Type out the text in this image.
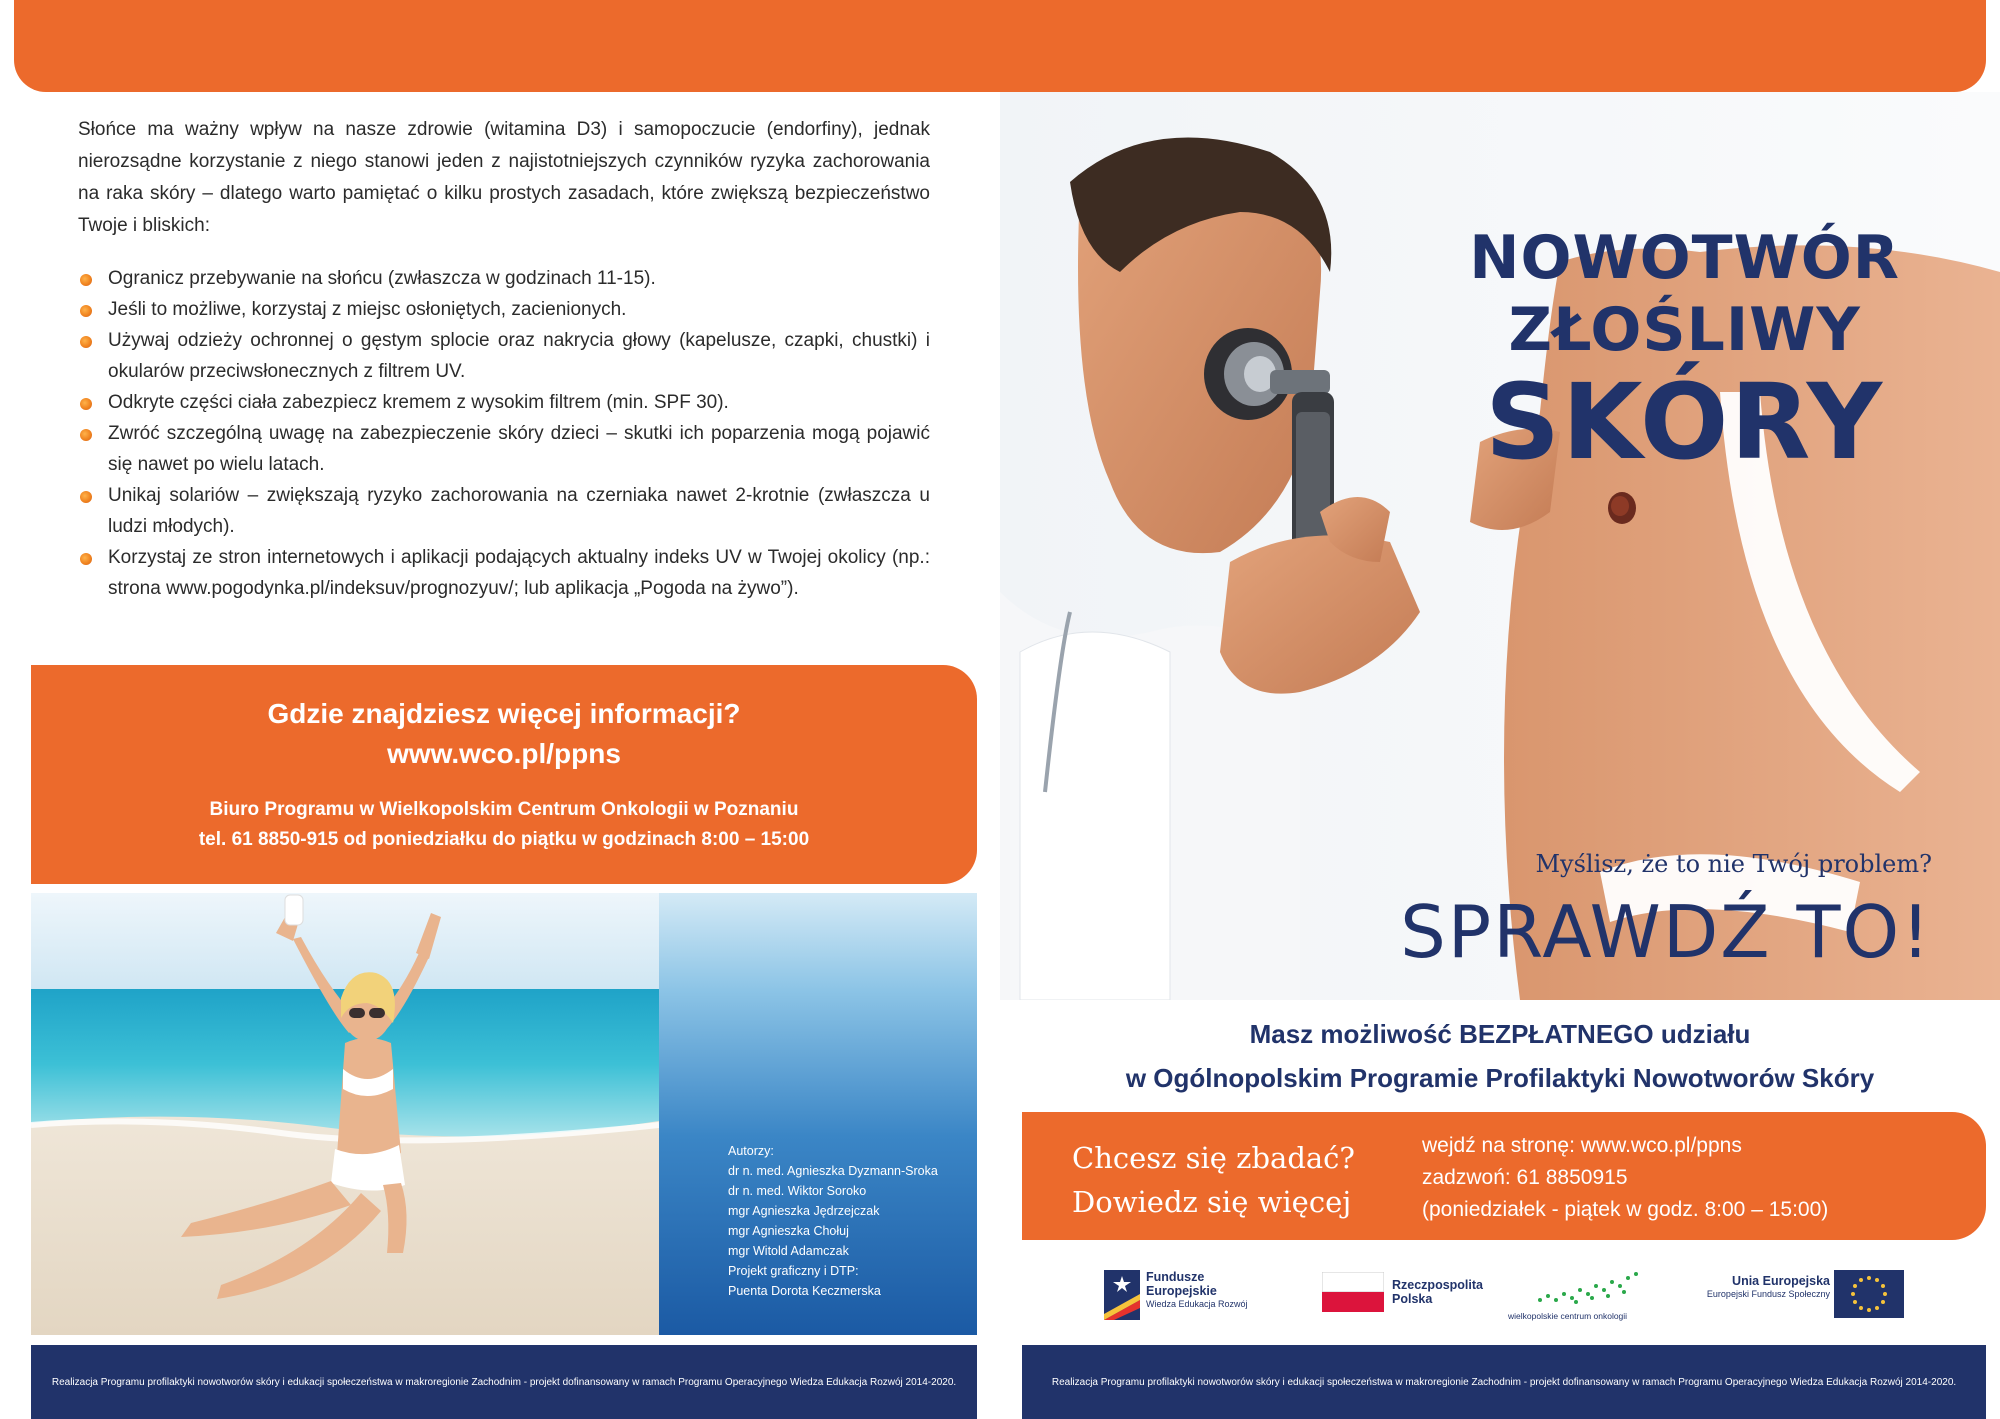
Słońce ma ważny wpływ na nasze zdrowie (witamina D3) i samopoczucie (endorfiny), jednak nierozsądne korzystanie z niego stanowi jeden z najistotniejszych czynników ryzyka zachorowania na raka skóry – dlatego warto pamiętać o kilku prostych zasadach, które zwiększą bezpieczeństwo Twoje i bliskich:

Ogranicz przebywanie na słońcu (zwłaszcza w godzinach 11-15).
Jeśli to możliwe, korzystaj z miejsc osłoniętych, zacienionych.
Używaj odzieży ochronnej o gęstym splocie oraz nakrycia głowy (kapelusze, czapki, chustki) i okularów przeciwsłonecznych z filtrem UV.
Odkryte części ciała zabezpiecz kremem z wysokim filtrem (min. SPF 30).
Zwróć szczególną uwagę na zabezpieczenie skóry dzieci – skutki ich poparzenia mogą pojawić się nawet po wielu latach.
Unikaj solariów – zwiększają ryzyko zachorowania na czerniaka nawet 2-krotnie (zwłaszcza u ludzi młodych).
Korzystaj ze stron internetowych i aplikacji podających aktualny indeks UV w Twojej okolicy (np.: strona www.pogodynka.pl/indeksuv/prognozyuv/; lub aplikacja „Pogoda na żywo”).
Gdzie znajdziesz więcej informacji?
www.wco.pl/ppns
Biuro Programu w Wielkopolskim Centrum Onkologii w Poznaniu
tel. 61 8850-915 od poniedziałku do piątku w godzinach 8:00 – 15:00
Autorzy:
dr n. med. Agnieszka Dyzmann-Sroka
dr n. med. Wiktor Soroko
mgr Agnieszka Jędrzejczak
mgr Agnieszka Chołuj
mgr Witold Adamczak
Projekt graficzny i DTP:
Puenta Dorota Keczmerska
Realizacja Programu profilaktyki nowotworów skóry i edukacji społeczeństwa w makroregionie Zachodnim - projekt dofinansowany w ramach Programu Operacyjnego Wiedza Edukacja Rozwój 2014-2020.
NOWOTWÓR
ZŁOŚLIWY
SKÓRY
Myślisz, że to nie Twój problem?
SPRAWDŹ TO!
Masz możliwość BEZPŁATNEGO udziału
w Ogólnopolskim Programie Profilaktyki Nowotworów Skóry
Chcesz się zbadać?
Dowiedz się więcej
wejdź na stronę: www.wco.pl/ppns
zadzwoń: 61 8850915
(poniedziałek - piątek w godz. 8:00 – 15:00)
Fundusze
Europejskie
Wiedza Edukacja Rozwój
Rzeczpospolita
Polska
wielkopolskie centrum onkologii
Unia Europejska
Europejski Fundusz Społeczny
Realizacja Programu profilaktyki nowotworów skóry i edukacji społeczeństwa w makroregionie Zachodnim - projekt dofinansowany w ramach Programu Operacyjnego Wiedza Edukacja Rozwój 2014-2020.
